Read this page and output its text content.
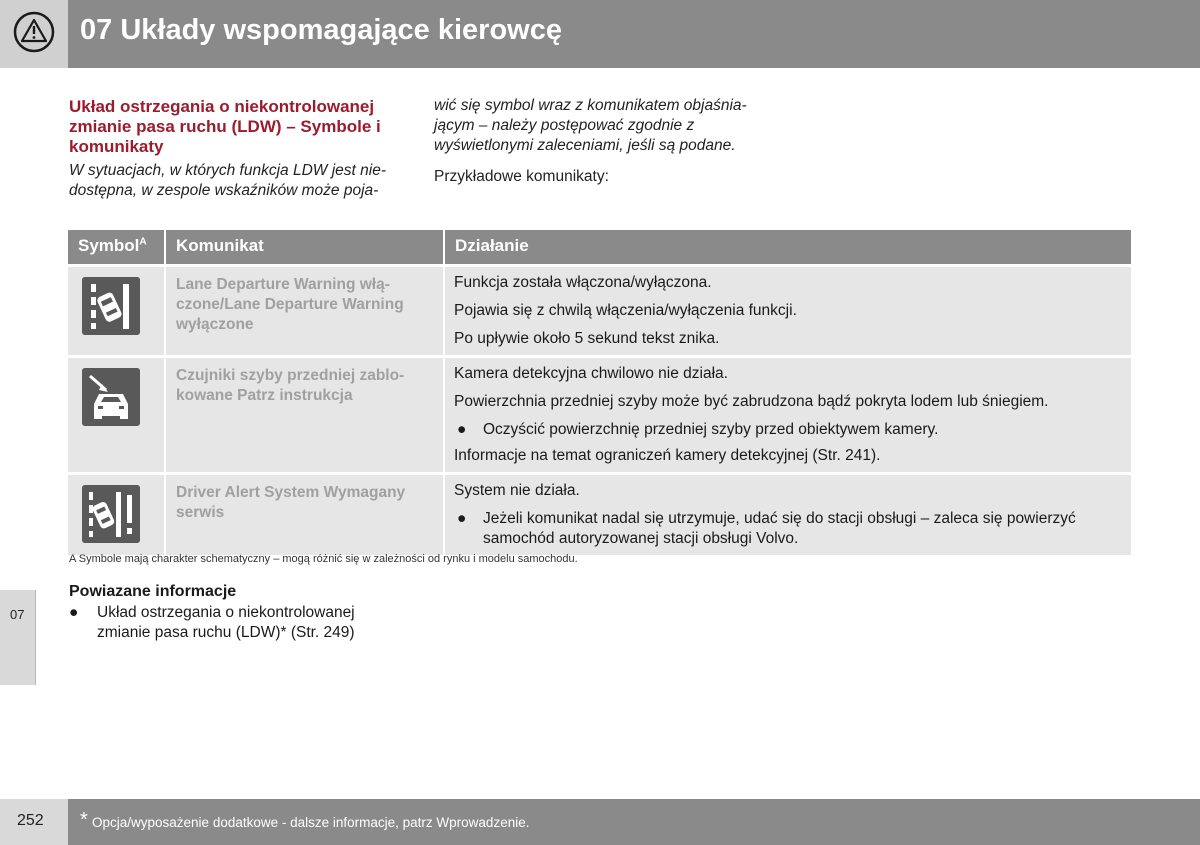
07 Układy wspomagające kierowcę
Układ ostrzegania o niekontrolowanej zmianie pasa ruchu (LDW) – Symbole i komunikaty

W sytuacjach, w których funkcja LDW jest nie-dostępna, w zespole wskaźników może poja-

wić się symbol wraz z komunikatem objaśnia-jącym – należy postępować zgodnie z wyświetlonymi zaleceniami, jeśli są podane.

Przykładowe komunikaty:

Symbol$^A$	Komunikat	Działanie

	Lane Departure Warning włą-czone/Lane Departure Warning wyłączone	Funkcja została włączona/wyłączona.

Pojawia się z chwilą włączenia/wyłączenia funkcji.

Po upływie około 5 sekund tekst znika.

	Czujniki szyby przedniej zablo-kowane Patrz instrukcja	Kamera detekcyjna chwilowo nie działa.

Powierzchnia przedniej szyby może być zabrudzona bądź pokryta lodem lub śniegiem.

● Oczyścić powierzchnię przedniej szyby przed obiektywem kamery.

Informacje na temat ograniczeń kamery detekcyjnej (Str. 241).

	Driver Alert System Wymagany serwis	System nie działa.

● Jeżeli komunikat nadal się utrzymuje, udać się do stacji obsługi – zaleca się powierzyć samochód autoryzowanej stacji obsługi Volvo.
A Symbole mają charakter schematyczny – mogą różnić się w zależności od rynku i modelu samochodu.
Powiazane informacje
● Układ ostrzegania o niekontrolowanej zmianie pasa ruchu (LDW)* (Str. 249)
07
252 * Opcja/wyposażenie dodatkowe - dalsze informacje, patrz Wprowadzenie.
